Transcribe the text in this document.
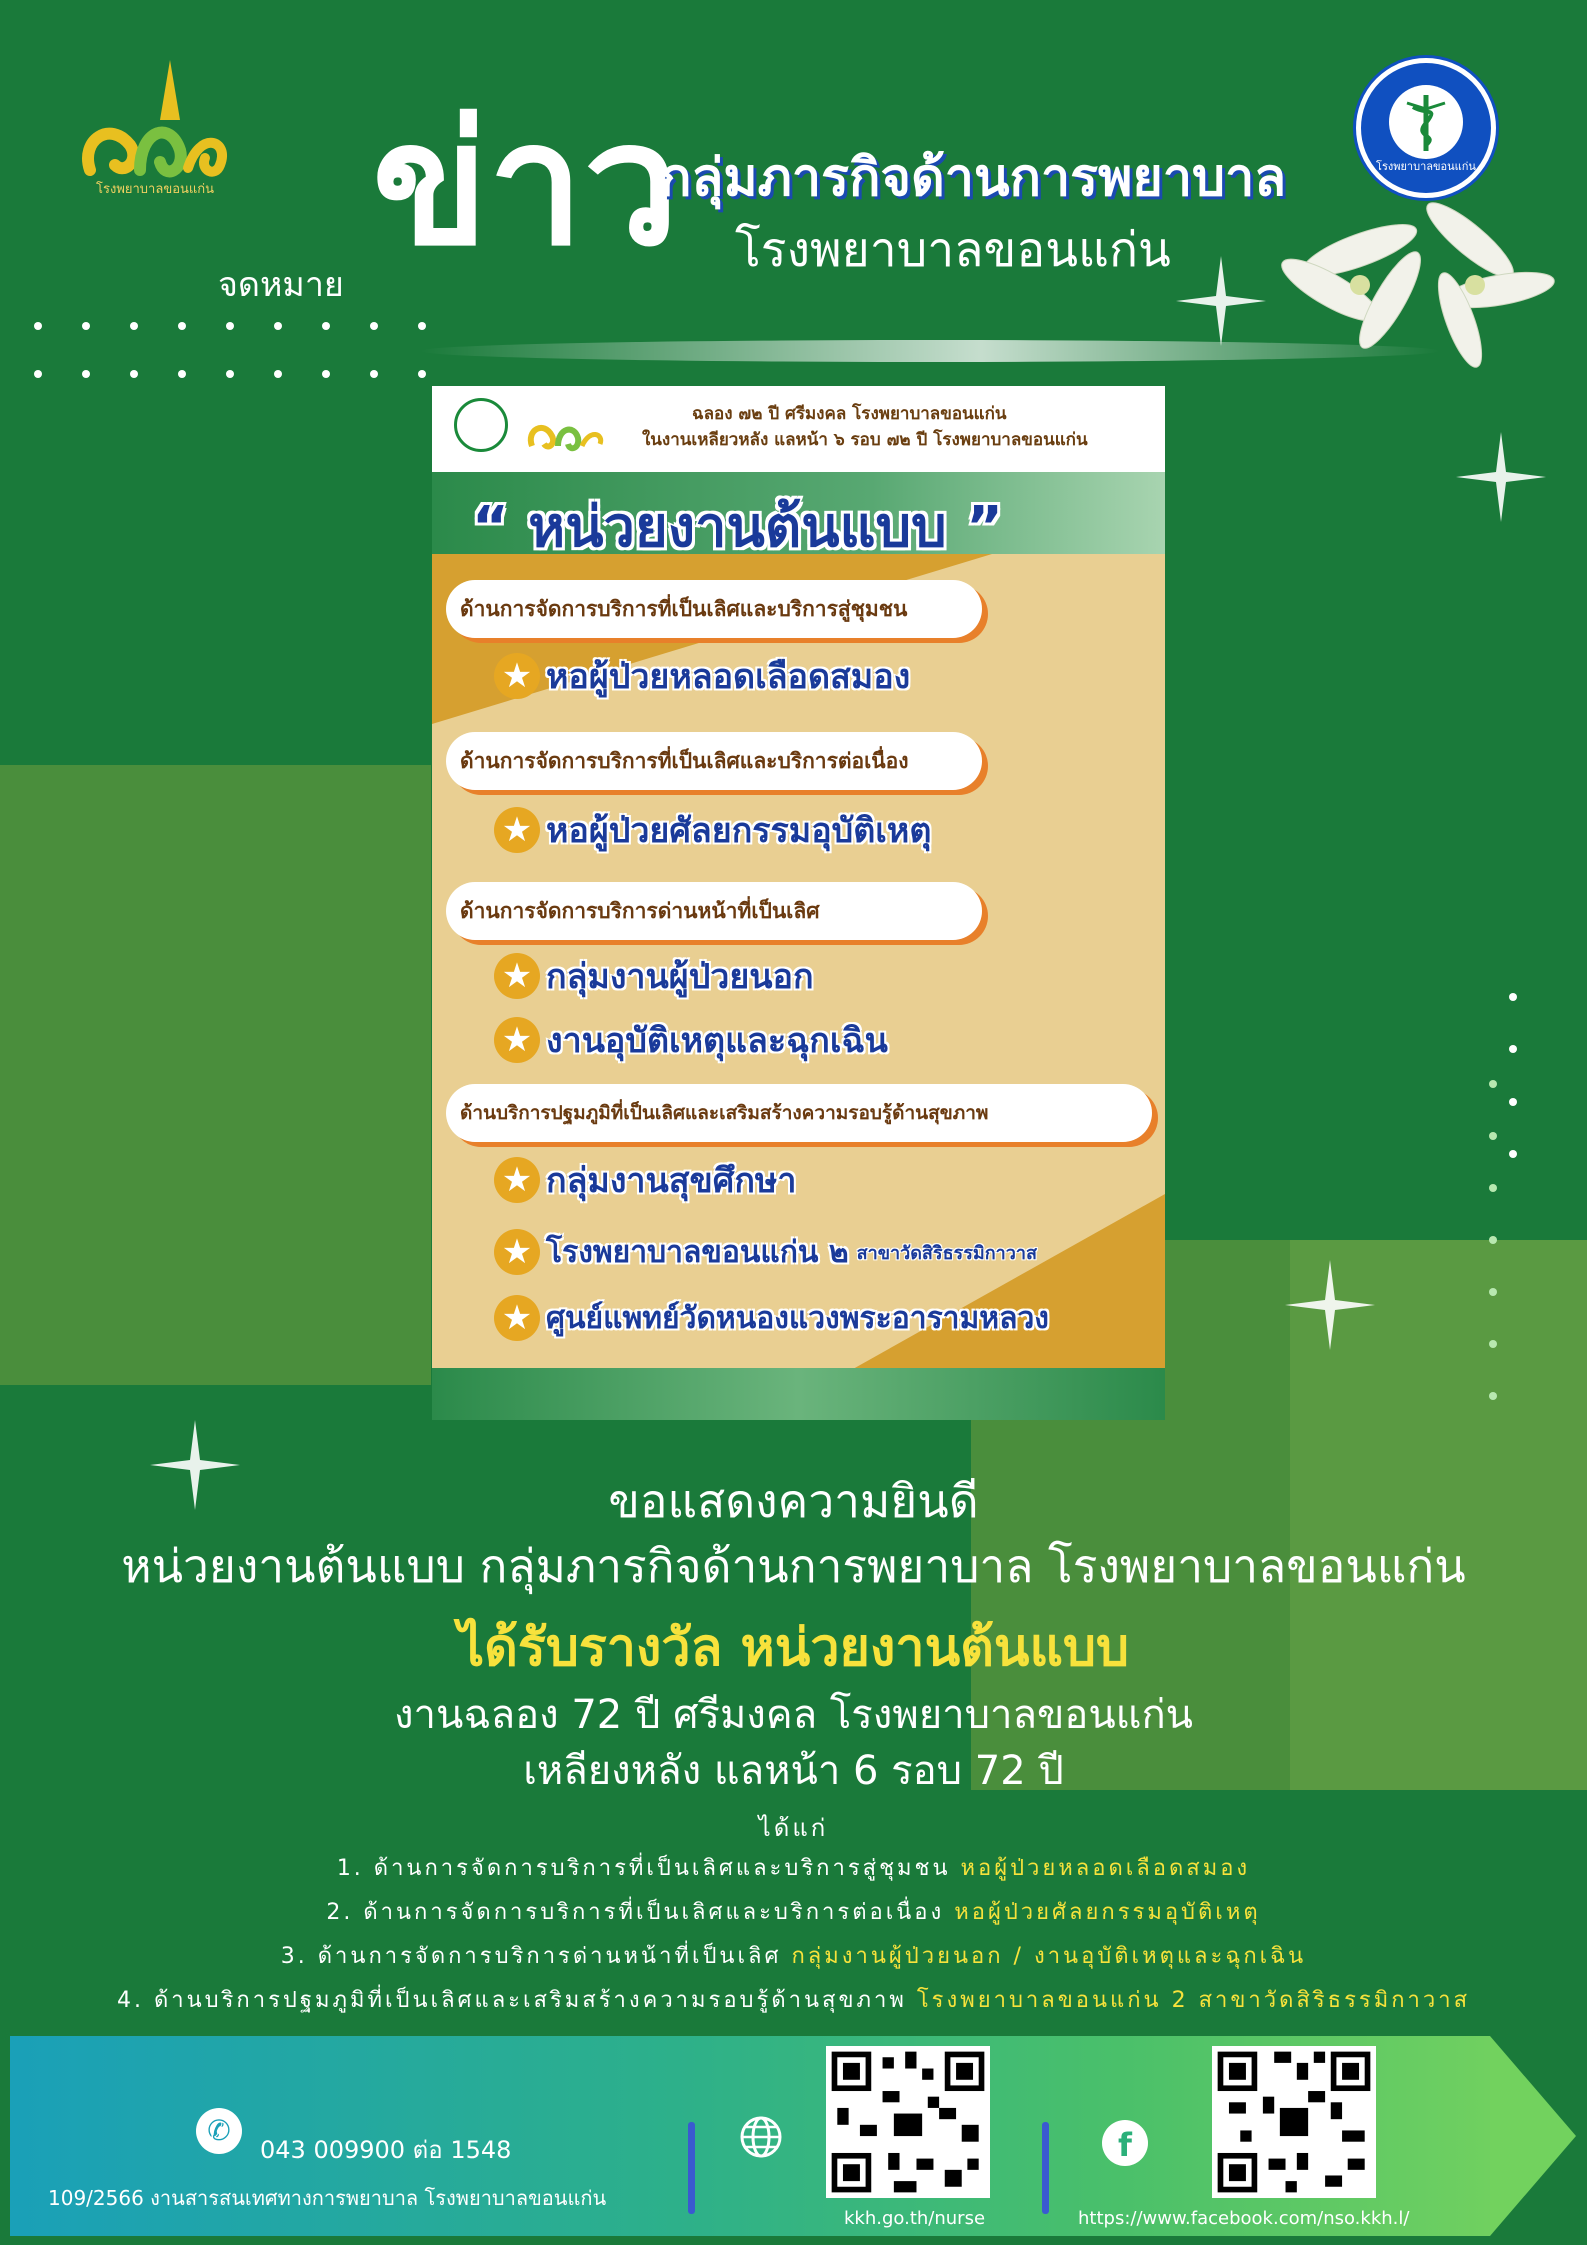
โรงพยาบาลขอนแก่น
โรงพยาบาลขอนแก่น
จดหมาย
ข่าว
กลุ่มภารกิจด้านการพยาบาล
โรงพยาบาลขอนแก่น
ฉลอง ๗๒ ปี ศรีมงคล โรงพยาบาลขอนแก่น
ในงานเหลียวหลัง แลหน้า ๖ รอบ ๗๒ ปี โรงพยาบาลขอนแก่น
“ หน่วยงานต้นแบบ ”
ด้านการจัดการบริการที่เป็นเลิศและบริการสู่ชุมชน
★ หอผู้ป่วยหลอดเลือดสมอง
ด้านการจัดการบริการที่เป็นเลิศและบริการต่อเนื่อง
★ หอผู้ป่วยศัลยกรรมอุบัติเหตุ
ด้านการจัดการบริการด่านหน้าที่เป็นเลิศ
★ กลุ่มงานผู้ป่วยนอก
★ งานอุบัติเหตุและฉุกเฉิน
ด้านบริการปฐมภูมิที่เป็นเลิศและเสริมสร้างความรอบรู้ด้านสุขภาพ
★ กลุ่มงานสุขศึกษา
★ โรงพยาบาลขอนแก่น ๒ สาขาวัดสิริธรรมิกาวาส
★ ศูนย์แพทย์วัดหนองแวงพระอารามหลวง
ขอแสดงความยินดี
หน่วยงานต้นแบบ กลุ่มภารกิจด้านการพยาบาล โรงพยาบาลขอนแก่น
ได้รับรางวัล หน่วยงานต้นแบบ
งานฉลอง 72 ปี ศรีมงคล โรงพยาบาลขอนแก่น
เหลียงหลัง แลหน้า 6 รอบ 72 ปี
ได้แก่
1. ด้านการจัดการบริการที่เป็นเลิศและบริการสู่ชุมชน หอผู้ป่วยหลอดเลือดสมอง
2. ด้านการจัดการบริการที่เป็นเลิศและบริการต่อเนื่อง หอผู้ป่วยศัลยกรรมอุบัติเหตุ
3. ด้านการจัดการบริการด่านหน้าที่เป็นเลิศ กลุ่มงานผู้ป่วยนอก / งานอุบัติเหตุและฉุกเฉิน
4. ด้านบริการปฐมภูมิที่เป็นเลิศและเสริมสร้างความรอบรู้ด้านสุขภาพ โรงพยาบาลขอนแก่น 2 สาขาวัดสิริธรรมิกาวาส
✆
043 009900 ต่อ 1548
109/2566 งานสารสนเทศทางการพยาบาล โรงพยาบาลขอนแก่น
kkh.go.th/nurse
f
https://www.facebook.com/nso.kkh.l/
